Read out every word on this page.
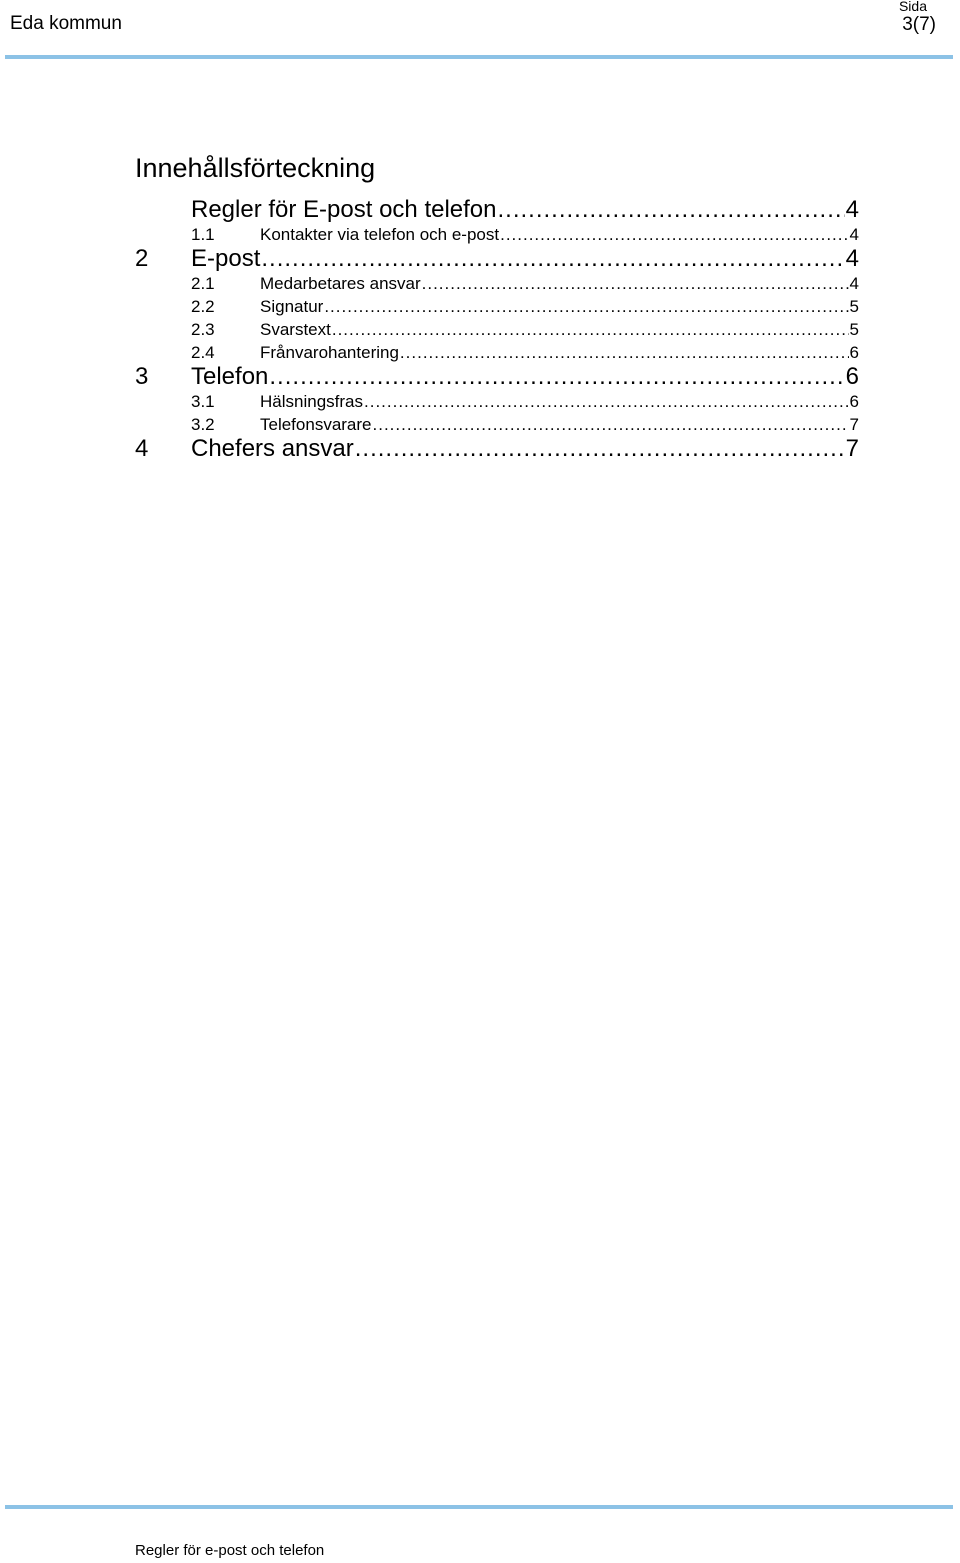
Eda kommun
Sida
3(7)
Innehållsförteckning
Regler för E-post och telefon .....	4
1.1	Kontakter via telefon och e-post .....	4
2	E-post .....	4
2.1	Medarbetares ansvar .....	4
2.2	Signatur .....	5
2.3	Svarstext .....	5
2.4	Frånvarohantering .....	6
3	Telefon .....	6
3.1	Hälsningsfras .....	6
3.2	Telefonsvarare .....	7
4	Chefers ansvar .....	7
Regler för e-post och telefon
